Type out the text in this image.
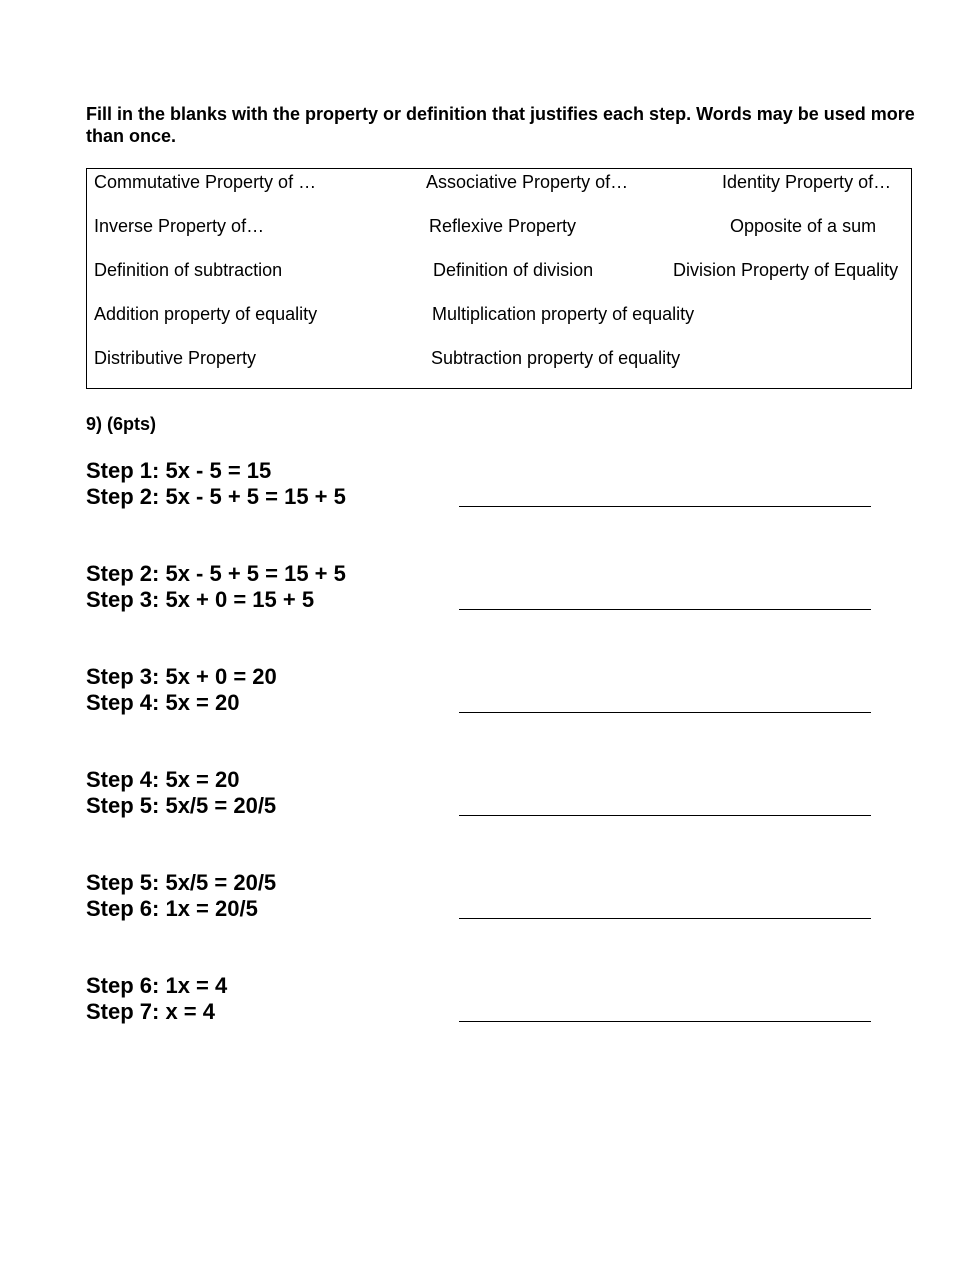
Fill in the blanks with the property or definition that justifies each step. Words may be used more than once.
Commutative Property of …	Associative Property of…	Identity Property of…
Inverse Property of…	Reflexive Property	Opposite of a sum
Definition of subtraction	Definition of division	Division Property of Equality
Addition property of equality	Multiplication property of equality
Distributive Property	Subtraction property of equality
9) (6pts)
Step 1: 5x - 5 = 15
Step 2: 5x - 5 + 5 = 15 + 5
Step 2: 5x - 5 + 5 = 15 + 5
Step 3: 5x + 0 = 15 + 5
Step 3: 5x + 0 = 20
Step 4: 5x = 20
Step 4: 5x = 20
Step 5: 5x/5 = 20/5
Step 5: 5x/5 = 20/5
Step 6: 1x = 20/5
Step 6: 1x = 4
Step 7: x = 4
